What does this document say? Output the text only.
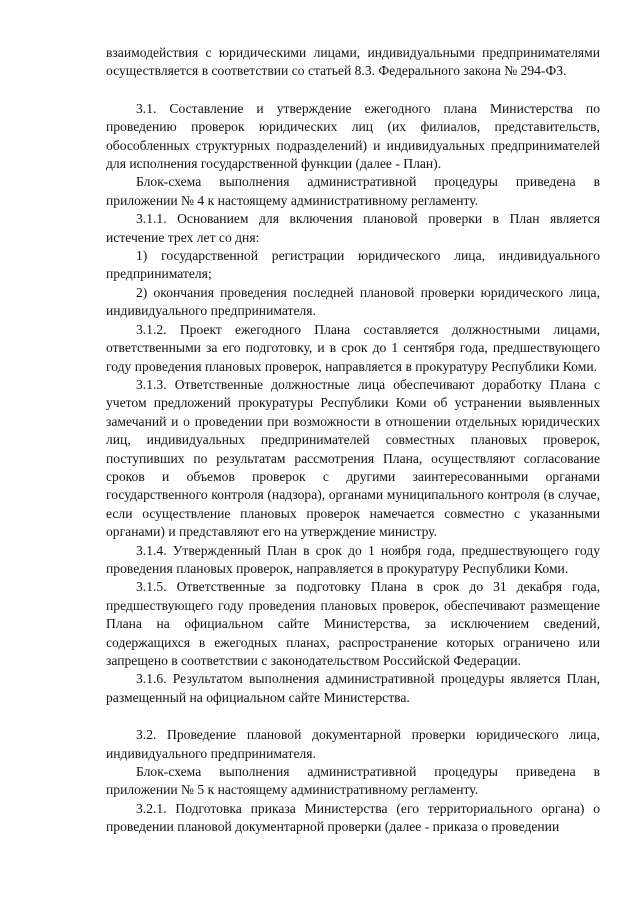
взаимодействия с юридическими лицами, индивидуальными предпринимателями осуществляется в соответствии со статьей 8.3. Федерального закона № 294-ФЗ.

3.1. Составление и утверждение ежегодного плана Министерства по проведению проверок юридических лиц (их филиалов, представительств, обособленных структурных подразделений) и индивидуальных предпринимателей для исполнения государственной функции (далее - План).

Блок-схема выполнения административной процедуры приведена в приложении № 4 к настоящему административному регламенту.

3.1.1. Основанием для включения плановой проверки в План является истечение трех лет со дня:

1) государственной регистрации юридического лица, индивидуального предпринимателя;

2) окончания проведения последней плановой проверки юридического лица, индивидуального предпринимателя.

3.1.2. Проект ежегодного Плана составляется должностными лицами, ответственными за его подготовку, и в срок до 1 сентября года, предшествующего году проведения плановых проверок, направляется в прокуратуру Республики Коми.

3.1.3. Ответственные должностные лица обеспечивают доработку Плана с учетом предложений прокуратуры Республики Коми об устранении выявленных замечаний и о проведении при возможности в отношении отдельных юридических лиц, индивидуальных предпринимателей совместных плановых проверок, поступивших по результатам рассмотрения Плана, осуществляют согласование сроков и объемов проверок с другими заинтересованными органами государственного контроля (надзора), органами муниципального контроля (в случае, если осуществление плановых проверок намечается совместно с указанными органами) и представляют его на утверждение министру.

3.1.4. Утвержденный План в срок до 1 ноября года, предшествующего году проведения плановых проверок, направляется в прокуратуру Республики Коми.

3.1.5. Ответственные за подготовку Плана в срок до 31 декабря года, предшествующего году проведения плановых проверок, обеспечивают размещение Плана на официальном сайте Министерства, за исключением сведений, содержащихся в ежегодных планах, распространение которых ограничено или запрещено в соответствии с законодательством Российской Федерации.

3.1.6. Результатом выполнения административной процедуры является План, размещенный на официальном сайте Министерства.

3.2. Проведение плановой документарной проверки юридического лица, индивидуального предпринимателя.

Блок-схема выполнения административной процедуры приведена в приложении № 5 к настоящему административному регламенту.

3.2.1. Подготовка приказа Министерства (его территориального органа) о проведении плановой документарной проверки (далее - приказа о проведении
